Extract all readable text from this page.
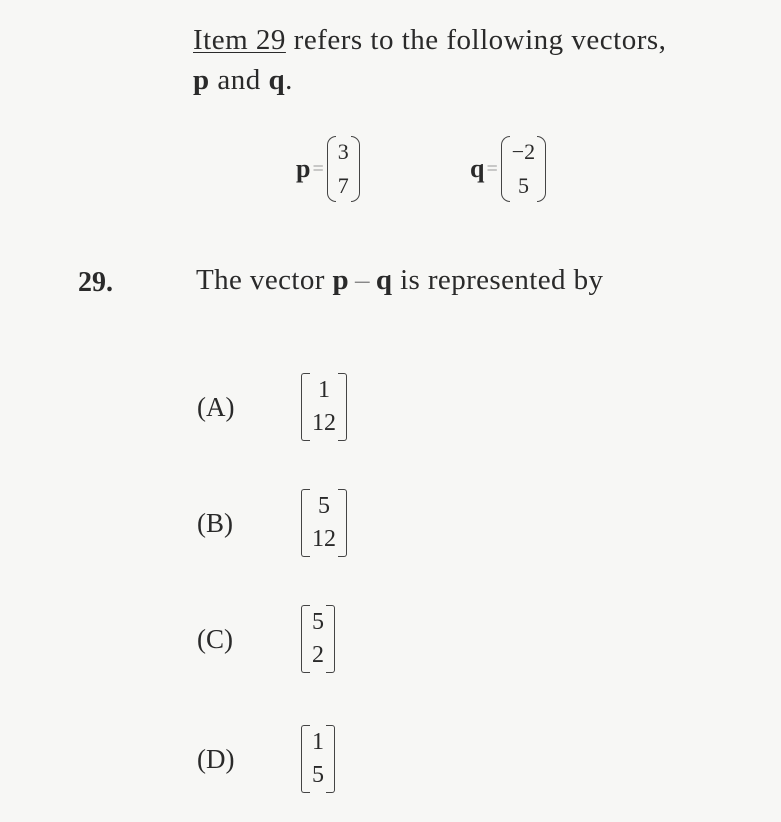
Item 29 refers to the following vectors,
p and q.
p =
3
7
q =
−2
5
29.	The vector p – q is represented by
(A)
1
12
(B)
5
12
(C)
5
2
(D)
1
5
